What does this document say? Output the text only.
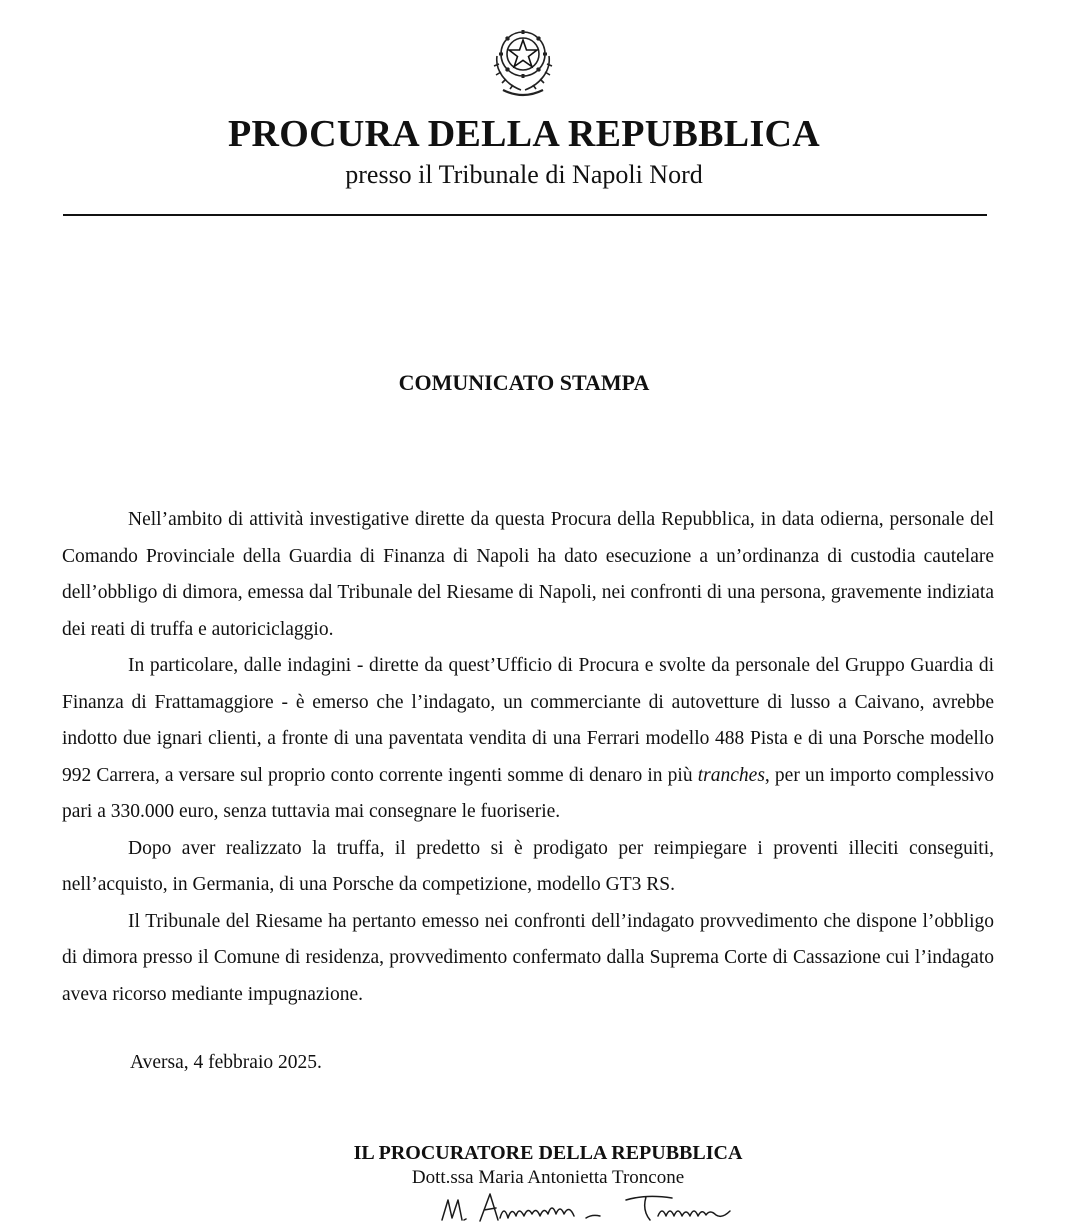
PROCURA DELLA REPUBBLICA
presso il Tribunale di Napoli Nord
COMUNICATO STAMPA

Nell’ambito di attività investigative dirette da questa Procura della Repubblica, in data odierna, personale del Comando Provinciale della Guardia di Finanza di Napoli ha dato esecuzione a un’ordinanza di custodia cautelare dell’obbligo di dimora, emessa dal Tribunale del Riesame di Napoli, nei confronti di una persona, gravemente indiziata dei reati di truffa e autoriciclaggio.

In particolare, dalle indagini - dirette da quest’Ufficio di Procura e svolte da personale del Gruppo Guardia di Finanza di Frattamaggiore - è emerso che l’indagato, un commerciante di autovetture di lusso a Caivano, avrebbe indotto due ignari clienti, a fronte di una paventata vendita di una Ferrari modello 488 Pista e di una Porsche modello 992 Carrera, a versare sul proprio conto corrente ingenti somme di denaro in più tranches, per un importo complessivo pari a 330.000 euro, senza tuttavia mai consegnare le fuoriserie.

Dopo aver realizzato la truffa, il predetto si è prodigato per reimpiegare i proventi illeciti conseguiti, nell’acquisto, in Germania, di una Porsche da competizione, modello GT3 RS.

Il Tribunale del Riesame ha pertanto emesso nei confronti dell’indagato provvedimento che dispone l’obbligo di dimora presso il Comune di residenza, provvedimento confermato dalla Suprema Corte di Cassazione cui l’indagato aveva ricorso mediante impugnazione.

Aversa, 4 febbraio 2025.
IL PROCURATORE DELLA REPUBBLICA
Dott.ssa Maria Antonietta Troncone
